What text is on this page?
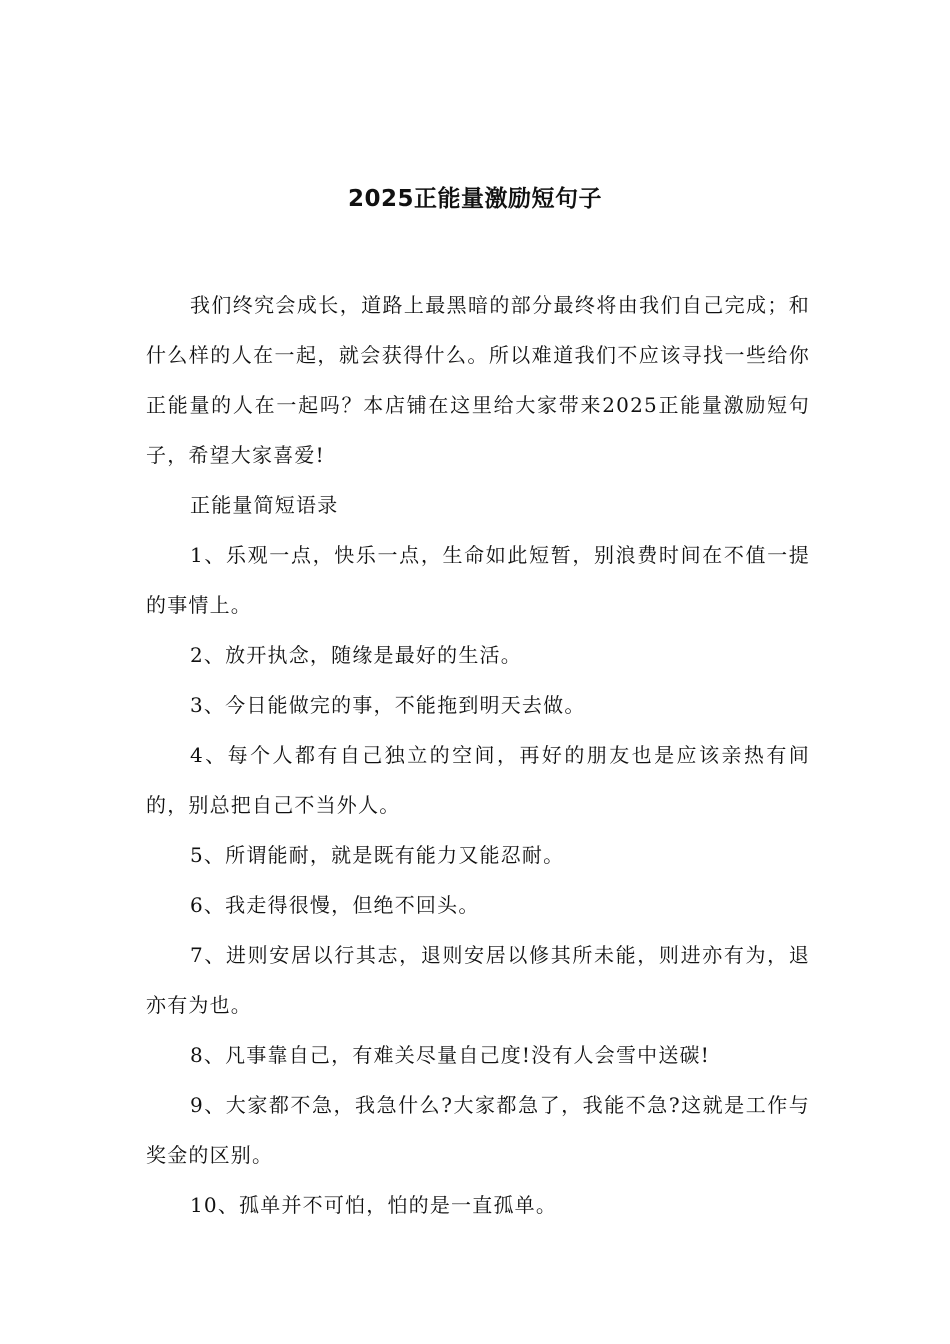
2025正能量激励短句子

我们终究会成长，道路上最黑暗的部分最终将由我们自己完成；和什么样的人在一起，就会获得什么。所以难道我们不应该寻找一些给你正能量的人在一起吗？本店铺在这里给大家带来2025正能量激励短句子，希望大家喜爱!

正能量简短语录

1、乐观一点，快乐一点，生命如此短暂，别浪费时间在不值一提的事情上。

2、放开执念，随缘是最好的生活。

3、今日能做完的事，不能拖到明天去做。

4、每个人都有自己独立的空间，再好的朋友也是应该亲热有间的，别总把自己不当外人。

5、所谓能耐，就是既有能力又能忍耐。

6、我走得很慢，但绝不回头。

7、进则安居以行其志，退则安居以修其所未能，则进亦有为，退亦有为也。

8、凡事靠自己，有难关尽量自己度!没有人会雪中送碳!

9、大家都不急，我急什么?大家都急了，我能不急?这就是工作与奖金的区别。

10、孤单并不可怕，怕的是一直孤单。
